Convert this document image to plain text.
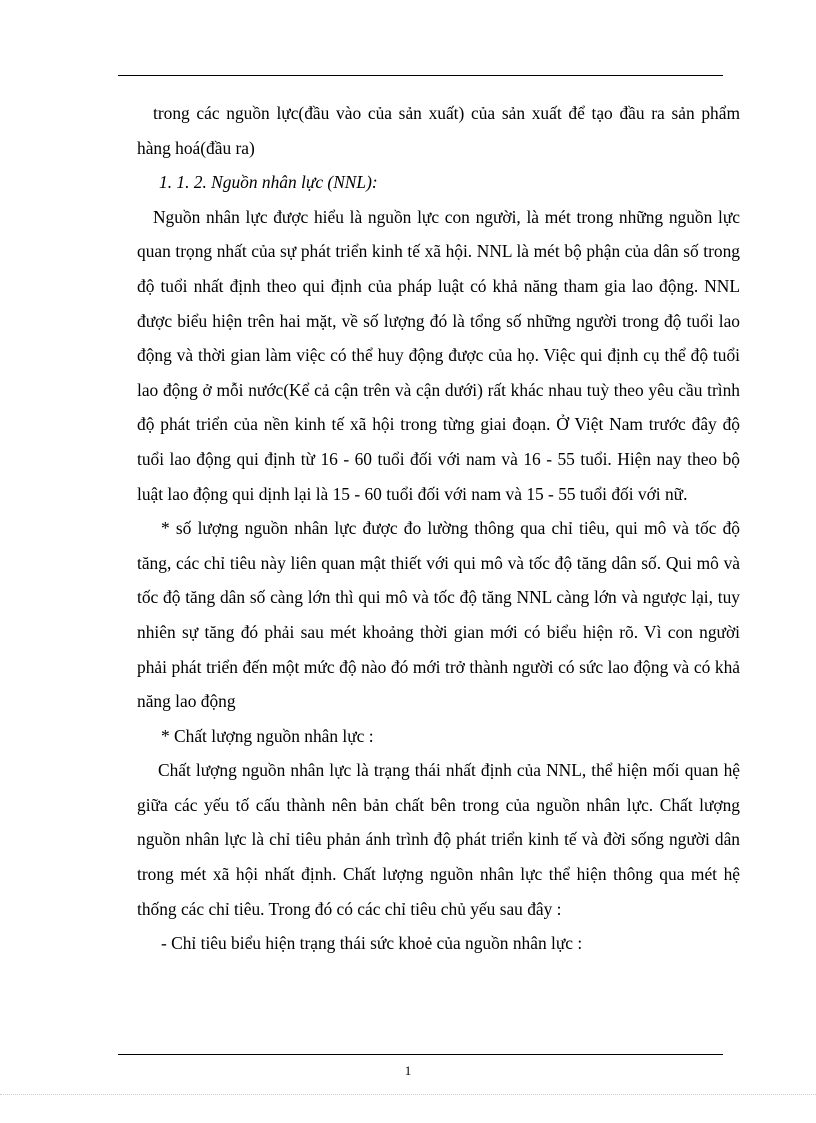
trong các nguồn lực(đầu vào của sản xuất) của sản xuất để tạo đầu ra sản phẩm hàng hoá(đầu ra)

1. 1. 2. Nguồn nhân lực (NNL):

Nguồn nhân lực được hiểu là nguồn lực con người, là mét trong những nguồn lực quan trọng nhất của sự phát triển kinh tế xã hội. NNL là mét bộ phận của dân số trong độ tuổi nhất định theo qui định của pháp luật có khả năng tham gia lao động. NNL được biểu hiện trên hai mặt, về số lượng đó là tổng số những người trong độ tuổi lao động và thời gian làm việc có thể huy động được của họ. Việc qui định cụ thể độ tuổi lao động ở mỗi nước(Kể cả cận trên và cận dưới) rất khác nhau tuỳ theo yêu cầu trình độ phát triển của nền kinh tế xã hội trong từng giai đoạn. Ở Việt Nam trước đây độ tuổi lao động qui định từ 16 - 60 tuổi đối với nam và 16 - 55 tuổi. Hiện nay theo bộ luật lao động qui dịnh lại là 15 - 60 tuổi đối với nam và 15 - 55 tuổi đối với nữ.

* số lượng nguồn nhân lực được đo lường thông qua chỉ tiêu, qui mô và tốc độ tăng, các chỉ tiêu này liên quan mật thiết với qui mô và tốc độ tăng dân số. Qui mô và tốc độ tăng dân số càng lớn thì qui mô và tốc độ tăng NNL càng lớn và ngược lại, tuy nhiên sự tăng đó phải sau mét khoảng thời gian mới có biểu hiện rõ. Vì con người phải phát triển đến một mức độ nào đó mới trở thành người có sức lao động và có khả năng lao động

* Chất lượng nguồn nhân lực :

Chất lượng nguồn nhân lực là trạng thái nhất định của NNL, thể hiện mối quan hệ giữa các yếu tố cấu thành nên bản chất bên trong của nguồn nhân lực. Chất lượng nguồn nhân lực là chỉ tiêu phản ánh trình độ phát triển kinh tế và đời sống người dân trong mét xã hội nhất định. Chất lượng nguồn nhân lực thể hiện thông qua mét hệ thống các chỉ tiêu. Trong đó có các chỉ tiêu chủ yếu sau đây :

- Chỉ tiêu biểu hiện trạng thái sức khoẻ của nguồn nhân lực :

1
